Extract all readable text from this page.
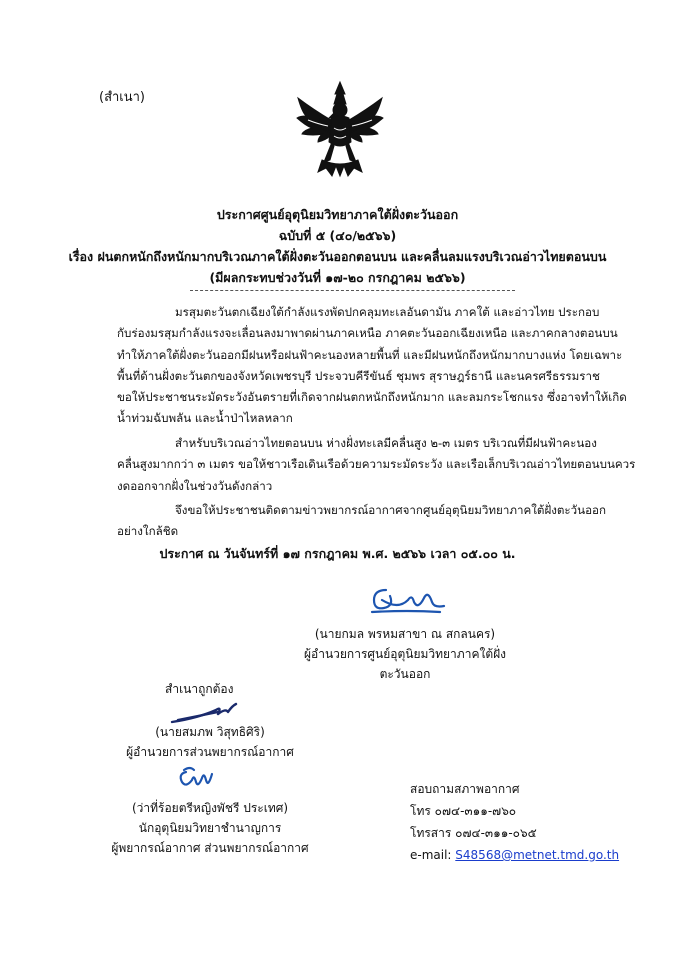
(สำเนา)
ประกาศศูนย์อุตุนิยมวิทยาภาคใต้ฝั่งตะวันออก
ฉบับที่ ๕ (๔๐/๒๕๖๖)
เรื่อง ฝนตกหนักถึงหนักมากบริเวณภาคใต้ฝั่งตะวันออกตอนบน และคลื่นลมแรงบริเวณอ่าวไทยตอนบน
(มีผลกระทบช่วงวันที่ ๑๗-๒๐ กรกฎาคม ๒๕๖๖)
มรสุมตะวันตกเฉียงใต้กำลังแรงพัดปกคลุมทะเลอันดามัน ภาคใต้ และอ่าวไทย ประกอบ
กับร่องมรสุมกำลังแรงจะเลื่อนลงมาพาดผ่านภาคเหนือ ภาคตะวันออกเฉียงเหนือ และภาคกลางตอนบน
ทำให้ภาคใต้ฝั่งตะวันออกมีฝนหรือฝนฟ้าคะนองหลายพื้นที่ และมีฝนหนักถึงหนักมากบางแห่ง โดยเฉพาะ
พื้นที่ด้านฝั่งตะวันตกของจังหวัดเพชรบุรี ประจวบคีรีขันธ์ ชุมพร สุราษฎร์ธานี และนครศรีธรรมราช
ขอให้ประชาชนระมัดระวังอันตรายที่เกิดจากฝนตกหนักถึงหนักมาก และลมกระโชกแรง ซึ่งอาจทำให้เกิด
น้ำท่วมฉับพลัน และน้ำป่าไหลหลาก
สำหรับบริเวณอ่าวไทยตอนบน ห่างฝั่งทะเลมีคลื่นสูง ๒-๓ เมตร บริเวณที่มีฝนฟ้าคะนอง
คลื่นสูงมากกว่า ๓ เมตร ขอให้ชาวเรือเดินเรือด้วยความระมัดระวัง และเรือเล็กบริเวณอ่าวไทยตอนบนควร
งดออกจากฝั่งในช่วงวันดังกล่าว
จึงขอให้ประชาชนติดตามข่าวพยากรณ์อากาศจากศูนย์อุตุนิยมวิทยาภาคใต้ฝั่งตะวันออก
อย่างใกล้ชิด
ประกาศ ณ วันจันทร์ที่ ๑๗ กรกฎาคม พ.ศ. ๒๕๖๖ เวลา ๐๕.๐๐ น.
(นายกมล พรหมสาขา ณ สกลนคร)
ผู้อำนวยการศูนย์อุตุนิยมวิทยาภาคใต้ฝั่งตะวันออก
สำเนาถูกต้อง
(นายสมภพ วิสุทธิศิริ)
ผู้อำนวยการส่วนพยากรณ์อากาศ
(ว่าที่ร้อยตรีหญิงพัชรี ประเทศ)
นักอุตุนิยมวิทยาชำนาญการ
ผู้พยากรณ์อากาศ ส่วนพยากรณ์อากาศ
สอบถามสภาพอากาศ
โทร ๐๗๔-๓๑๑-๗๖๐
โทรสาร ๐๗๔-๓๑๑-๐๖๕
e-mail: S48568@metnet.tmd.go.th
